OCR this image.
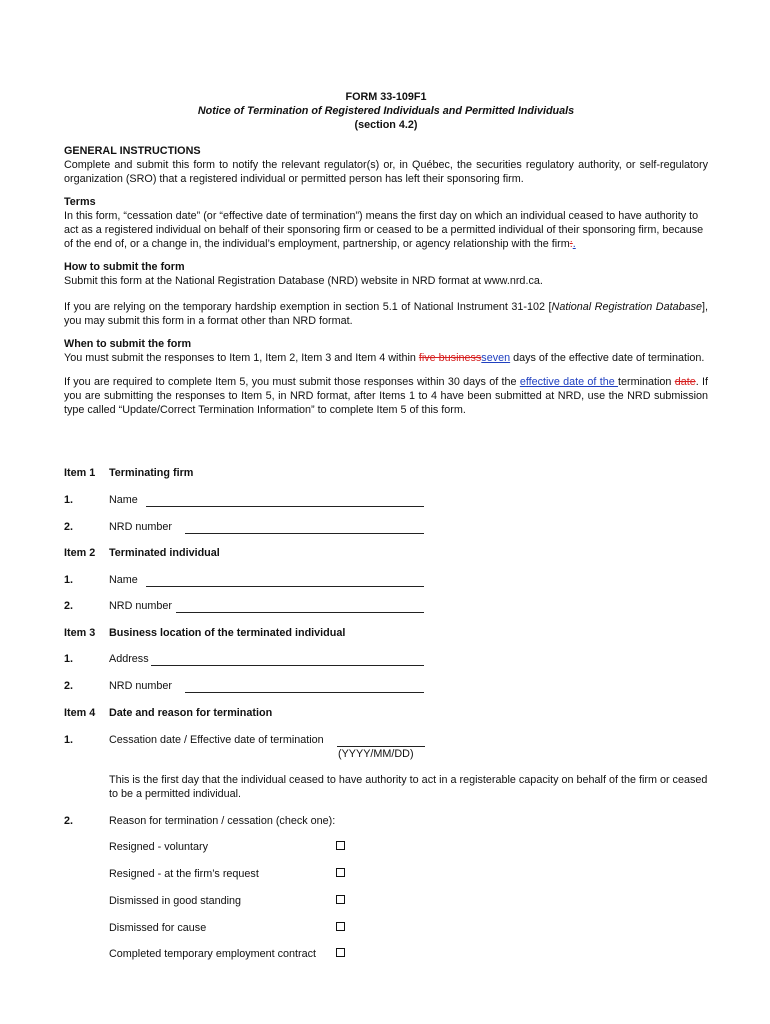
FORM 33-109F1
Notice of Termination of Registered Individuals and Permitted Individuals
(section 4.2)
GENERAL INSTRUCTIONS
Complete and submit this form to notify the relevant regulator(s) or, in Québec, the securities regulatory authority, or self-regulatory organization (SRO) that a registered individual or permitted person has left their sponsoring firm.
Terms
In this form, “cessation date” (or “effective date of termination”) means the first day on which an individual ceased to have authority to act as a registered individual on behalf of their sponsoring firm or ceased to be a permitted individual of their sponsoring firm, because of the end of, or a change in, the individual’s employment, partnership, or agency relationship with the firm:.
How to submit the form
Submit this form at the National Registration Database (NRD) website in NRD format at www.nrd.ca.
If you are relying on the temporary hardship exemption in section 5.1 of National Instrument 31-102 [National Registration Database], you may submit this form in a format other than NRD format.
When to submit the form
You must submit the responses to Item 1, Item 2, Item 3 and Item 4 within five businessseven days of the effective date of termination.
If you are required to complete Item 5, you must submit those responses within 30 days of the effective date of the termination date. If you are submitting the responses to Item 5, in NRD format, after Items 1 to 4 have been submitted at NRD, use the NRD submission type called “Update/Correct Termination Information” to complete Item 5 of this form.
Item 1	Terminating firm
1.	Name
2.	NRD number
Item 2	Terminated individual
1.	Name
2.	NRD number
Item 3	Business location of the terminated individual
1.	Address
2.	NRD number
Item 4	Date and reason for termination
1.	Cessation date / Effective date of termination
(YYYY/MM/DD)
This is the first day that the individual ceased to have authority to act in a registerable capacity on behalf of the firm or ceased to be a permitted individual.
2.	Reason for termination / cessation (check one):
Resigned - voluntary
Resigned - at the firm’s request
Dismissed in good standing
Dismissed for cause
Completed temporary employment contract
